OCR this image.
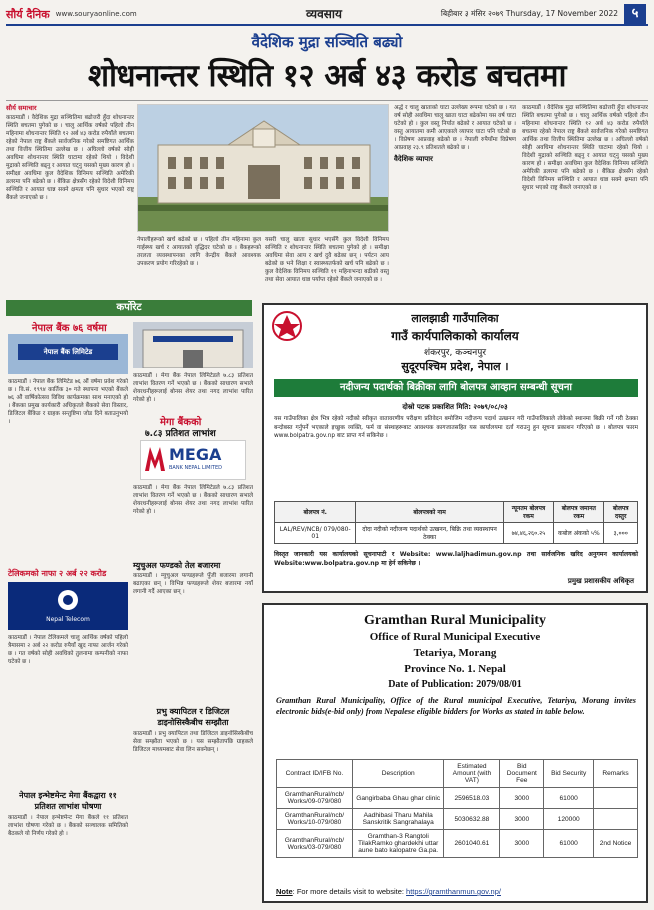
सौर्य दैनिक www.souryaonline.com	व्यवसाय	बिहीबार ३ मंसिर २०७९ Thursday, 17 November 2022	५
वैदेशिक मुद्रा सञ्चिति बढ्यो
शोधनान्तर स्थिति १२ अर्ब ४३ करोड बचतमा
सौर्य समाचार
काठमाडौं । वैदेशिक मुद्रा सञ्चितिमा बढोत्तरी हुँदा शोधनान्तर स्थिति बचतमा पुगेको छ । चालु आर्थिक वर्षको पहिलो तीन महिनामा शोधनान्तर स्थिति १२ अर्ब ४३ करोड रुपैयाँले बचतमा रहेको नेपाल राष्ट्र बैंकले सार्वजनिक गरेको समष्टिगत आर्थिक तथा वित्तीय स्थितिमा उल्लेख छ । अघिल्लो वर्षको सोही अवधिमा शोधनान्तर स्थिति घाटामा रहेको थियो । विदेशी मुद्राको सञ्चिति बढ्नु र आयात घट्नु यसको मुख्य कारण हो । समीक्षा अवधिमा कुल वैदेशिक विनिमय सञ्चिति अमेरिकी डलरमा पनि बढेको छ । बैंकिङ क्षेत्रसँग रहेको विदेशी विनिमय सञ्चिति र आयात धान्न सक्ने क्षमता पनि सुधार भएको राष्ट्र बैंकले जनाएको छ ।
नेपालीहरूको खर्च बढेको छ । पहिलो तीन महिनामा कुल गार्हस्थ्य खर्च र आयातको वृद्धिदर घटेको छ । बैंकहरूको तरलता व्यवस्थापनका लागि केन्द्रीय बैंकले आवश्यक उपकरण प्रयोग गरिरहेको छ ।
यसरी चालु खाता सुधार भएसँगै कुल विदेशी विनिमय सञ्चिति र शोधनान्तर स्थिति बचतमा पुगेको हो । समीक्षा अवधिमा सेवा आय र खर्च दुवै बढेका छन् । पर्यटन आय बढेको छ भने शिक्षा र स्वास्थ्यतर्फको खर्च पनि बढेको छ । कुल वैदेशिक विनिमय सञ्चिति ११ महिनाभन्दा बढीको वस्तु तथा सेवा आयात धान्न पर्याप्त रहेको बैंकले जनाएको छ ।
अर्द्ध र चालु खाताको घाटा उल्लेख्य रूपमा घटेको छ । गत वर्ष सोही अवधिमा चालु खाता घाटा बढेकोमा यस वर्ष घाटा घटेको हो । कुल वस्तु निर्यात बढेको र आयात घटेको छ । वस्तु आयातमा कमी आएकाले व्यापार घाटा पनि घटेको छ । विप्रेषण आप्रवाह बढेको छ । नेपाली रुपैयाँमा विप्रेषण आप्रवाह २३.९ प्रतिशतले बढेको छ ।
वैदेशिक व्यापार
काठमाडौं । वैदेशिक मुद्रा सञ्चितिमा बढोत्तरी हुँदा शोधनान्तर स्थिति बचतमा पुगेको छ । चालु आर्थिक वर्षको पहिलो तीन महिनामा शोधनान्तर स्थिति १२ अर्ब ४३ करोड रुपैयाँले बचतमा रहेको नेपाल राष्ट्र बैंकले सार्वजनिक गरेको समष्टिगत आर्थिक तथा वित्तीय स्थितिमा उल्लेख छ । अघिल्लो वर्षको सोही अवधिमा शोधनान्तर स्थिति घाटामा रहेको थियो । विदेशी मुद्राको सञ्चिति बढ्नु र आयात घट्नु यसको मुख्य कारण हो । समीक्षा अवधिमा कुल वैदेशिक विनिमय सञ्चिति अमेरिकी डलरमा पनि बढेको छ । बैंकिङ क्षेत्रसँग रहेको विदेशी विनिमय सञ्चिति र आयात धान्न सक्ने क्षमता पनि सुधार भएको राष्ट्र बैंकले जनाएको छ ।
कर्पोरेट
नेपाल बैंक ७६ वर्षमा
नेपाल बैंक लिमिटेड
काठमाडौं । नेपाल बैंक लिमिटेड ७६ औं वर्षमा प्रवेश गरेको छ । वि.सं. १९९४ कार्तिक ३० गते स्थापना भएको बैंकले ७६ औं वार्षिकोत्सव विविध कार्यक्रमका साथ मनाएको हो । बैंकका प्रमुख कार्यकारी अधिकृतले बैंकको सेवा विस्तार, डिजिटल बैंकिङ र ग्राहक सन्तुष्टिमा जोड दिने बताउनुभयो ।
काठमाडौं । मेगा बैंक नेपाल लिमिटेडले ७.८३ प्रतिशत लाभांश वितरण गर्ने भएको छ । बैंकको साधारण सभाले शेयरधनीहरूलाई बोनस शेयर तथा नगद लाभांश पारित गरेको हो ।
मेगा बैंकको
७.८३ प्रतिशत लाभांश
MEGA
BANK NEPAL LIMITED
काठमाडौं । मेगा बैंक नेपाल लिमिटेडले ७.८३ प्रतिशत लाभांश वितरण गर्ने भएको छ । बैंकको साधारण सभाले शेयरधनीहरूलाई बोनस शेयर तथा नगद लाभांश पारित गरेको हो ।
म्युचुअल फण्डको तेल बजारमा
काठमाडौं । म्युचुअल फण्डहरूले पुँजी बजारमा लगानी बढाएका छन् । विभिन्न फण्डहरूले शेयर बजारमा नयाँ लगानी गर्दै आएका छन् ।
टेलिकमको नाफा २ अर्ब २२ करोड
Nepal Telecom
काठमाडौं । नेपाल टेलिकमले चालु आर्थिक वर्षको पहिलो त्रैमासमा २ अर्ब २२ करोड रुपैयाँ खुद नाफा आर्जन गरेको छ । गत वर्षको सोही अवधिको तुलनामा कम्पनीको नाफा घटेको छ ।
प्रभु क्यापिटल र डिजिटल डाइनोसिस्कैबीच सम्झौता
काठमाडौं । प्रभु क्यापिटल तथा डिजिटल डाइनोसिस्कैबीच सेवा सम्झौता भएको छ । यस सम्झौतापछि ग्राहकले डिजिटल माध्यमबाट सेवा लिन सक्नेछन् ।
नेपाल इन्भेष्टमेन्ट मेगा बैंकद्वारा ११ प्रतिशत लाभांश घोषणा
काठमाडौं । नेपाल इन्भेष्टमेन्ट मेगा बैंकले ११ प्रतिशत लाभांश घोषणा गरेको छ । बैंकको सञ्चालक समितिको बैठकले यो निर्णय गरेको हो ।
लालझाडी गाउँपालिका
गाउँ कार्यपालिकाको कार्यालय
शंकरपुर, कञ्चनपुर
सुदूरपश्चिम प्रदेश, नेपाल ।
नदीजन्य पदार्थको बिक्रीका लागि बोलपत्र आव्हान सम्बन्धी सूचना
दोस्रो पटक प्रकाशित मिति: २०७९/०८/०३
यस गाउँपालिका क्षेत्र भित्र रहेको नदीको स्वीकृत वातावरणीय परीक्षण प्रतिवेदन बमोजिम नदीजन्य पदार्थ उत्खनन गरी गाउँपालिकाले तोकेको स्थानमा बिक्री गर्ने गरी ठेक्का बन्दोबस्त गर्नुपर्ने भएकाले इच्छुक व्यक्ति, फर्म वा संस्थाहरूबाट आवश्यक कागजातसहित यस कार्यालयमा दर्ता गराउनु हुन सूचना प्रकाशन गरिएको छ । बोलपत्र फारम www.bolpatra.gov.np बाट प्राप्त गर्न सकिनेछ ।
बोलपत्र नं.	बोलपत्रको नाम	न्यूनतम बोलपत्र रकम	बोलपत्र जमानत रकम	बोलपत्र दस्तुर
LAL/REV/NCB/ 079/080-01	दोदा नदीको नदीजन्य पदार्थको उत्खनन, बिक्रि तथा व्यवस्थापन ठेक्का	७४,४६,२६०.२५	कबोल अंकको ५%	३,०००
विस्तृत जानकारी यस कार्यालयको सूचनापाटी र Website: www.laljhadimun.gov.np तथा सार्वजनिक खरिद अनुगमन कार्यालयको Website:www.bolpatra.gov.np मा हेर्न सकिनेछ ।
प्रमुख प्रशासकीय अधिकृत
Gramthan Rural Municipality
Office of Rural Municipal Executive
Tetariya, Morang
Province No. 1. Nepal
Date of Publication: 2079/08/01
Gramthan Rural Municipality, Office of the Rural municipal Executive, Tetariya, Morang invites electronic bids(e-bid only) from Nepalese eligible bidders for Works as stated in table below.
Contract ID/IFB No.	Description	Estimated Amount (with VAT)	Bid Document Fee	Bid Security	Remarks
GramthanRural/ncb/ Works/09-079/080	Gangirbaba Ghau ghar clinic	2596518.03	3000	61000	
GramthanRural/ncb/ Works/10-079/080	Aadhibasi Tharu Mahila Sanskritik Sangrahalaya	5030632.88	3000	120000	
GramthanRural/ncb/ Works/03-079/080	Gramthan-3 Rangtoli TilakRamko ghardekhi uttar aune bato kalopatre Ga.pa.	2601040.61	3000	61000	2nd Notice
Note: For more details visit to website: https://gramthanmun.gov.np/
